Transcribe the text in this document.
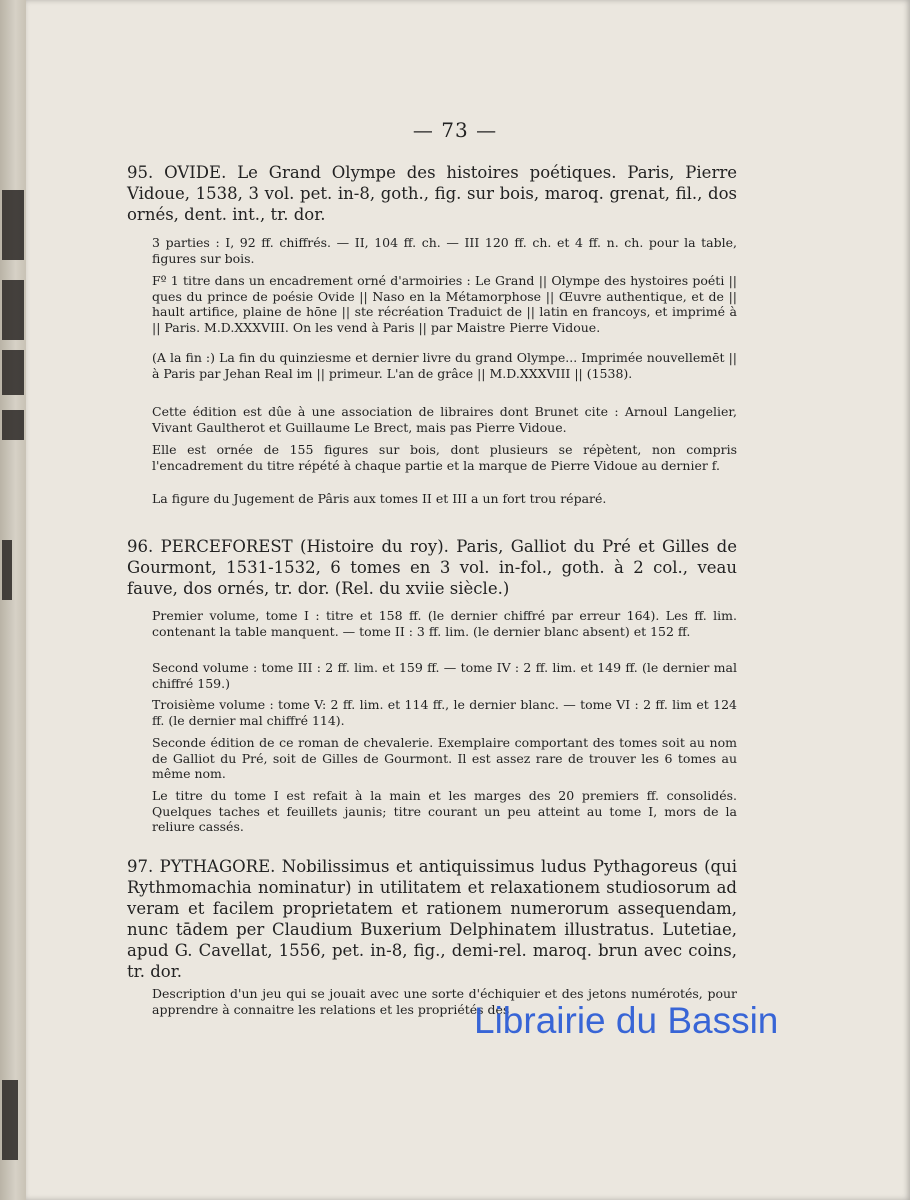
— 73 —
95. OVIDE. Le Grand Olympe des histoires poétiques. Paris, Pierre Vidoue, 1538, 3 vol. pet. in-8, goth., fig. sur bois, maroq. grenat, fil., dos ornés, dent. int., tr. dor.
3 parties : I, 92 ff. chiffrés. — II, 104 ff. ch. — III 120 ff. ch. et 4 ff. n. ch. pour la table, figures sur bois.
Fº 1 titre dans un encadrement orné d'armoiries : Le Grand || Olympe des hystoires poéti || ques du prince de poésie Ovide || Naso en la Métamorphose || Œuvre authentique, et de || hault artifice, plaine de hōne || ste récréation Traduict de || latin en francoys, et imprimé à || Paris. M.D.XXXVIII. On les vend à Paris || par Maistre Pierre Vidoue.
(A la fin :) La fin du quinziesme et dernier livre du grand Olympe... Imprimée nouvellemēt || à Paris par Jehan Real im || primeur. L'an de grâce || M.D.XXXVIII || (1538).
Cette édition est dûe à une association de libraires dont Brunet cite : Arnoul Langelier, Vivant Gaultherot et Guillaume Le Brect, mais pas Pierre Vidoue.
Elle est ornée de 155 figures sur bois, dont plusieurs se répètent, non compris l'encadrement du titre répété à chaque partie et la marque de Pierre Vidoue au dernier f.
La figure du Jugement de Pâris aux tomes II et III a un fort trou réparé.
96. PERCEFOREST (Histoire du roy). Paris, Galliot du Pré et Gilles de Gourmont, 1531-1532, 6 tomes en 3 vol. in-fol., goth. à 2 col., veau fauve, dos ornés, tr. dor. (Rel. du xviie siècle.)
Premier volume, tome I : titre et 158 ff. (le dernier chiffré par erreur 164). Les ff. lim. contenant la table manquent. — tome II : 3 ff. lim. (le dernier blanc absent) et 152 ff.
Second volume : tome III : 2 ff. lim. et 159 ff. — tome IV : 2 ff. lim. et 149 ff. (le dernier mal chiffré 159.)
Troisième volume : tome V: 2 ff. lim. et 114 ff., le dernier blanc. — tome VI : 2 ff. lim et 124 ff. (le dernier mal chiffré 114).
Seconde édition de ce roman de chevalerie. Exemplaire comportant des tomes soit au nom de Galliot du Pré, soit de Gilles de Gourmont. Il est assez rare de trouver les 6 tomes au même nom.
Le titre du tome I est refait à la main et les marges des 20 premiers ff. consolidés. Quelques taches et feuillets jaunis; titre courant un peu atteint au tome I, mors de la reliure cassés.
97. PYTHAGORE. Nobilissimus et antiquissimus ludus Pythagoreus (qui Rythmomachia nominatur) in utilitatem et relaxationem studiosorum ad veram et facilem proprietatem et rationem numerorum assequendam, nunc tādem per Claudium Buxerium Delphinatem illustratus. Lutetiae, apud G. Cavellat, 1556, pet. in-8, fig., demi-rel. maroq. brun avec coins, tr. dor.
Description d'un jeu qui se jouait avec une sorte d'échiquier et des jetons numérotés, pour apprendre à connaitre les relations et les propriétés des
Librairie du Bassin
